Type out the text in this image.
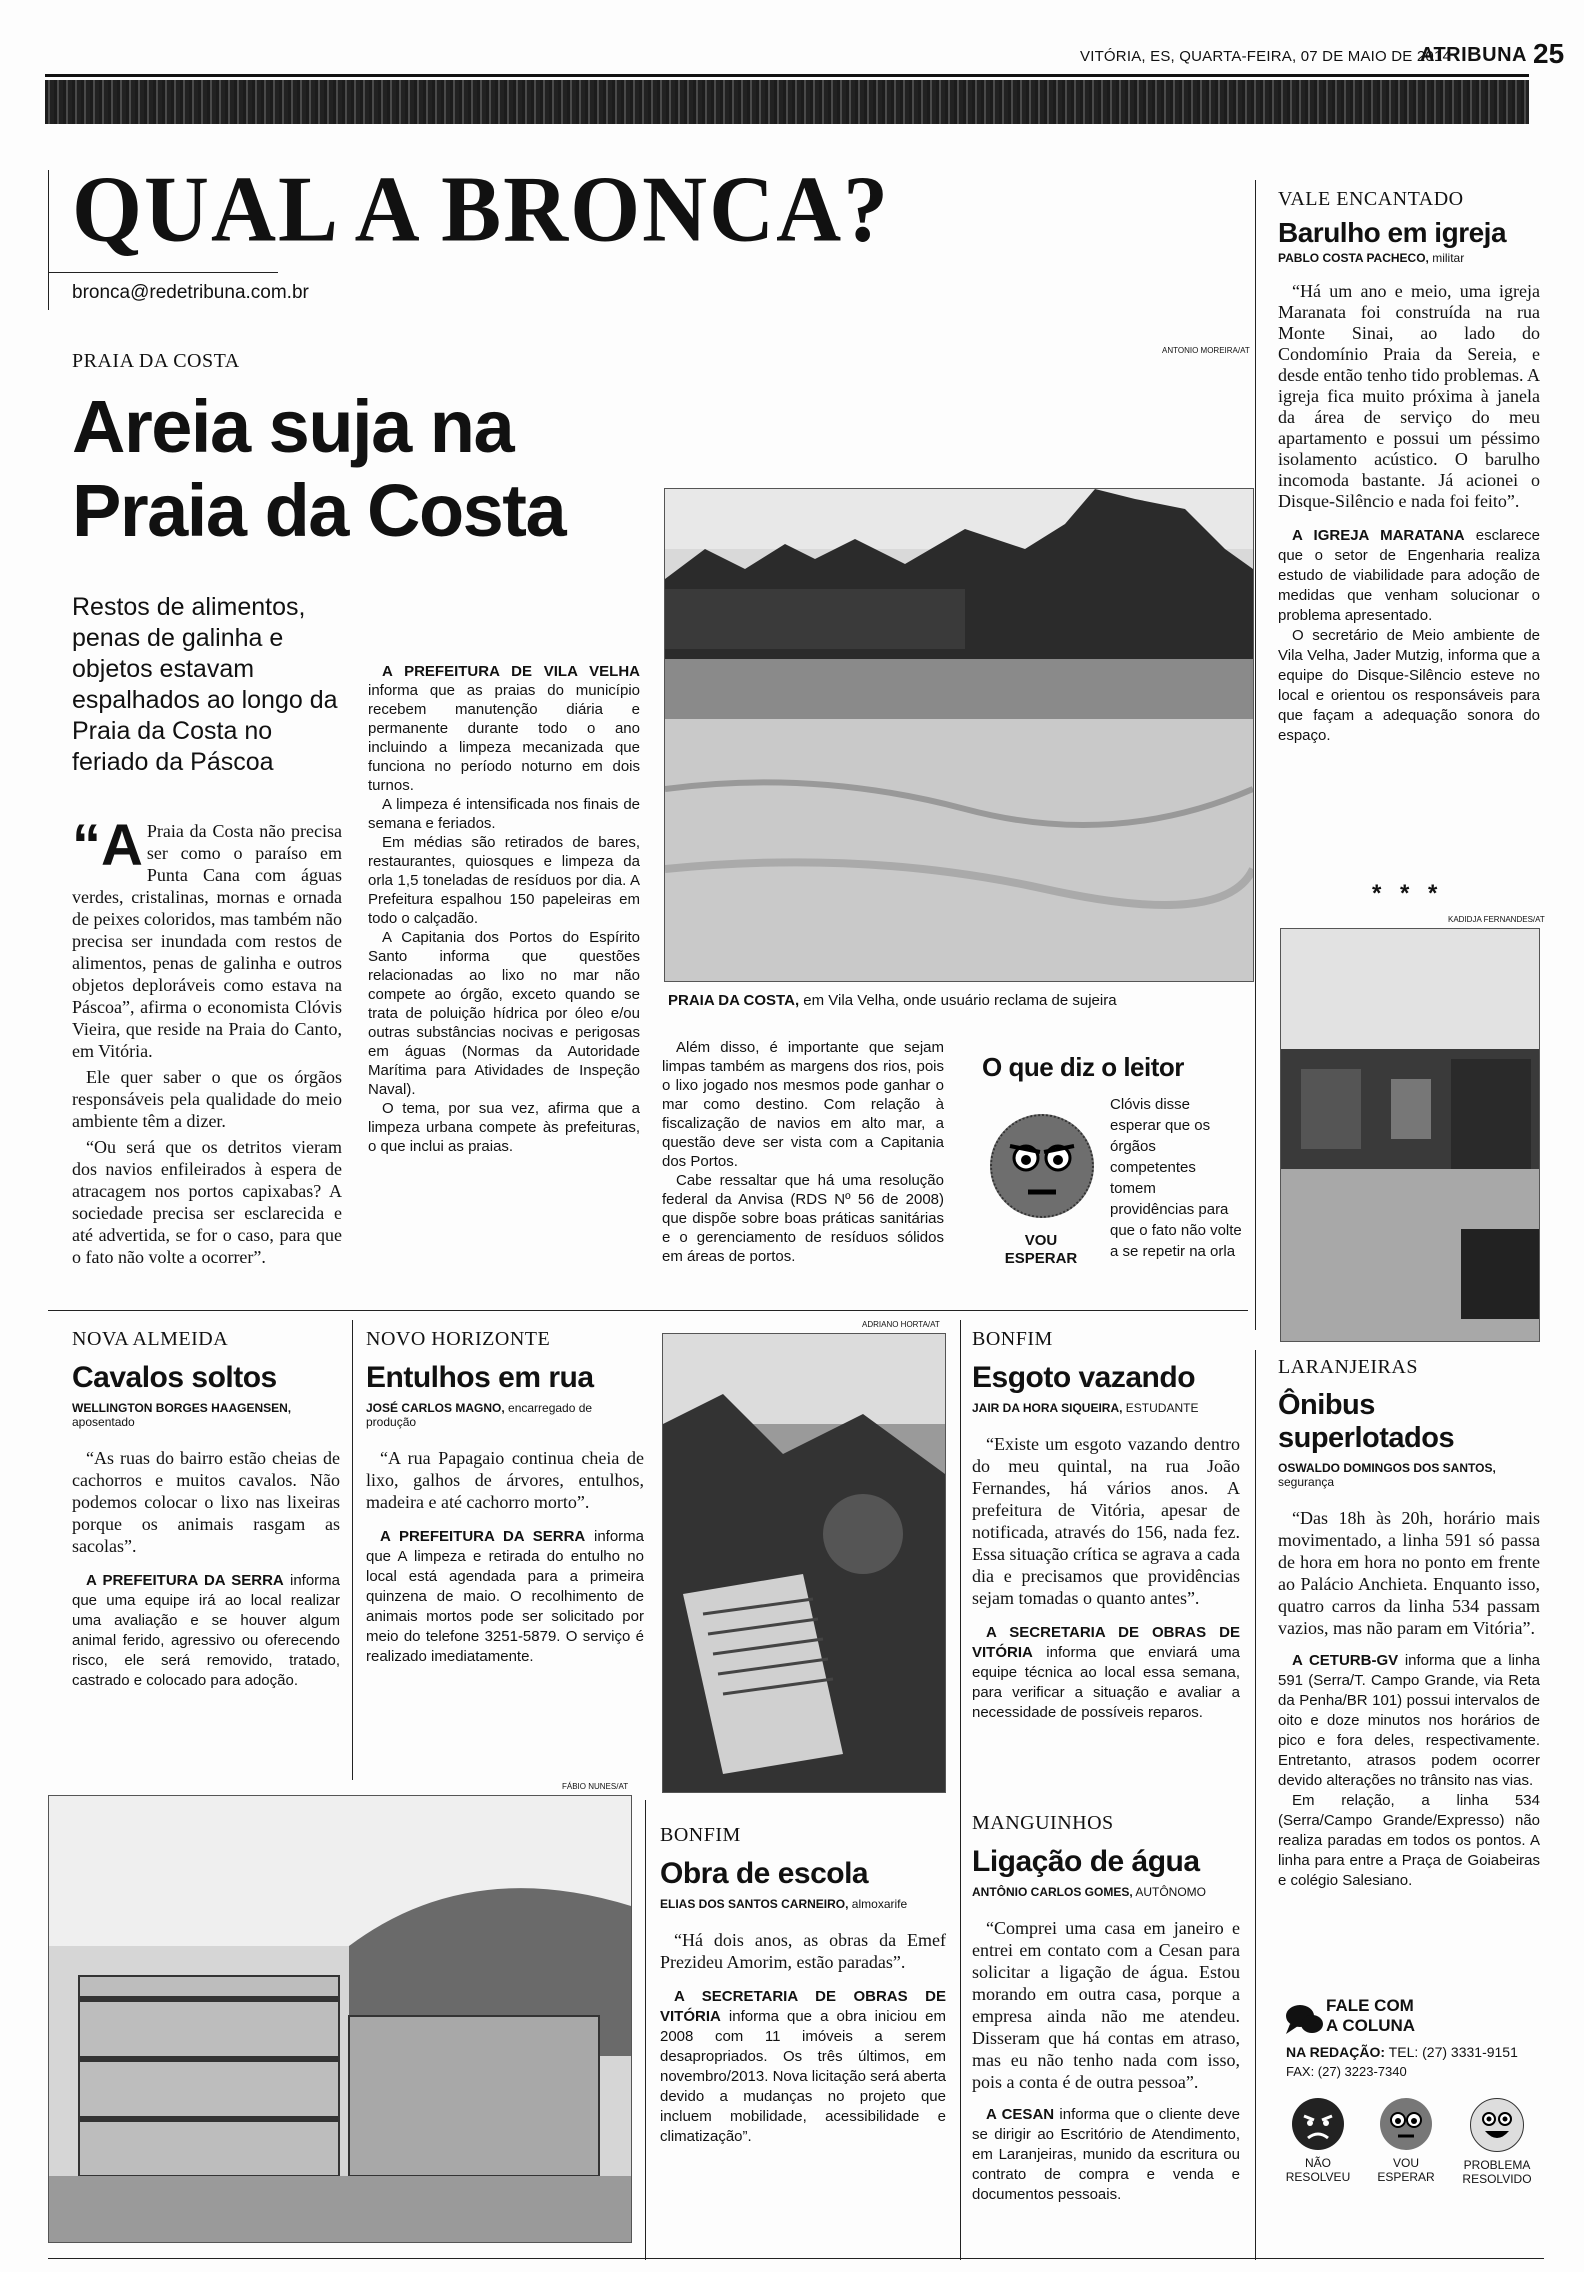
VITÓRIA, ES, QUARTA-FEIRA, 07 DE MAIO DE 2014
ATRIBUNA 25
QUAL A BRONCA?
bronca@redetribuna.com.br
PRAIA DA COSTA
Areia suja na
Praia da Costa
Restos de alimentos, penas de galinha e objetos estavam espalhados ao longo da Praia da Costa no feriado da Páscoa

“A Praia da Costa não precisa ser como o paraíso em Punta Cana com águas verdes, cristalinas, mornas e ornada de peixes coloridos, mas também não precisa ser inundada com restos de alimentos, penas de galinha e outros objetos deploráveis como estava na Páscoa”, afirma o economista Clóvis Vieira, que reside na Praia do Canto, em Vitória.

Ele quer saber o que os órgãos responsáveis pela qualidade do meio ambiente têm a dizer.

“Ou será que os detritos vieram dos navios enfileirados à espera de atracagem nos portos capixabas? A sociedade precisa ser esclarecida e até advertida, se for o caso, para que o fato não volte a ocorrer”.

A PREFEITURA DE VILA VELHA informa que as praias do município recebem manutenção diária e permanente durante todo o ano incluindo a limpeza mecanizada que funciona no período noturno em dois turnos.

A limpeza é intensificada nos finais de semana e feriados.

Em médias são retirados de bares, restaurantes, quiosques e limpeza da orla 1,5 toneladas de resíduos por dia. A Prefeitura espalhou 150 papeleiras em todo o calçadão.

A Capitania dos Portos do Espírito Santo informa que questões relacionadas ao lixo no mar não compete ao órgão, exceto quando se trata de poluição hídrica por óleo e/ou outras substâncias nocivas e perigosas em águas (Normas da Autoridade Marítima para Atividades de Inspeção Naval).

O tema, por sua vez, afirma que a limpeza urbana compete às prefeituras, o que inclui as praias.

Além disso, é importante que sejam limpas também as margens dos rios, pois o lixo jogado nos mesmos pode ganhar o mar como destino. Com relação à fiscalização de navios em alto mar, a questão deve ser vista com a Capitania dos Portos.

Cabe ressaltar que há uma resolução federal da Anvisa (RDS Nº 56 de 2008) que dispõe sobre boas práticas sanitárias e o gerenciamento de resíduos sólidos em áreas de portos.

ANTONIO MOREIRA/AT
PRAIA DA COSTA, em Vila Velha, onde usuário reclama de sujeira
O que diz o leitor
VOU ESPERAR
Clóvis disse esperar que os órgãos competentes tomem providências para que o fato não volte a se repetir na orla
VALE ENCANTADO
Barulho em igreja
PABLO COSTA PACHECO, militar

“Há um ano e meio, uma igreja Maranata foi construída na rua Monte Sinai, ao lado do Condomínio Praia da Sereia, e desde então tenho tido problemas. A igreja fica muito próxima à janela da área de serviço do meu apartamento e possui um péssimo isolamento acústico. O barulho incomoda bastante. Já acionei o Disque-Silêncio e nada foi feito”.

A IGREJA MARATANA esclarece que o setor de Engenharia realiza estudo de viabilidade para adoção de medidas que venham solucionar o problema apresentado.

O secretário de Meio ambiente de Vila Velha, Jader Mutzig, informa que a equipe do Disque-Silêncio esteve no local e orientou os responsáveis para que façam a adequação sonora do espaço.

* * *
KADIDJA FERNANDES/AT
NOVA ALMEIDA
Cavalos soltos
WELLINGTON BORGES HAAGENSEN, aposentado

“As ruas do bairro estão cheias de cachorros e muitos cavalos. Não podemos colocar o lixo nas lixeiras porque os animais rasgam as sacolas”.

A PREFEITURA DA SERRA informa que uma equipe irá ao local realizar uma avaliação e se houver algum animal ferido, agressivo ou oferecendo risco, ele será removido, tratado, castrado e colocado para adoção.

NOVO HORIZONTE
Entulhos em rua
JOSÉ CARLOS MAGNO, encarregado de produção

“A rua Papagaio continua cheia de lixo, galhos de árvores, entulhos, madeira e até cachorro morto”.

A PREFEITURA DA SERRA informa que A limpeza e retirada do entulho no local está agendada para a primeira quinzena de maio. O recolhimento de animais mortos pode ser solicitado por meio do telefone 3251-5879. O serviço é realizado imediatamente.

ADRIANO HORTA/AT
BONFIM
Esgoto vazando
JAIR DA HORA SIQUEIRA, ESTUDANTE

“Existe um esgoto vazando dentro do meu quintal, na rua João Fernandes, há vários anos. A prefeitura de Vitória, apesar de notificada, através do 156, nada fez. Essa situação crítica se agrava a cada dia e precisamos que providências sejam tomadas o quanto antes”.

A SECRETARIA DE OBRAS DE VITÓRIA informa que enviará uma equipe técnica ao local essa semana, para verificar a situação e avaliar a necessidade de possíveis reparos.

LARANJEIRAS
Ônibus superlotados
OSWALDO DOMINGOS DOS SANTOS, segurança

“Das 18h às 20h, horário mais movimentado, a linha 591 só passa de hora em hora no ponto em frente ao Palácio Anchieta. Enquanto isso, quatro carros da linha 534 passam vazios, mas não param em Vitória”.

A CETURB-GV informa que a linha 591 (Serra/T. Campo Grande, via Reta da Penha/BR 101) possui intervalos de oito e doze minutos nos horários de pico e fora deles, respectivamente. Entretanto, atrasos podem ocorrer devido alterações no trânsito nas vias.

Em relação, a linha 534 (Serra/Campo Grande/Expresso) não realiza paradas em todos os pontos. A linha para entre a Praça de Goiabeiras e colégio Salesiano.

FÁBIO NUNES/AT
BONFIM
Obra de escola
ELIAS DOS SANTOS CARNEIRO, almoxarife

“Há dois anos, as obras da Emef Prezideu Amorim, estão paradas”.

A SECRETARIA DE OBRAS DE VITÓRIA informa que a obra iniciou em 2008 com 11 imóveis a serem desapropriados. Os três últimos, em novembro/2013. Nova licitação será aberta devido a mudanças no projeto que incluem mobilidade, acessibilidade e climatização”.

MANGUINHOS
Ligação de água
ANTÔNIO CARLOS GOMES, AUTÔNOMO

“Comprei uma casa em janeiro e entrei em contato com a Cesan para solicitar a ligação de água. Estou morando em outra casa, porque a empresa ainda não me atendeu. Disseram que há contas em atraso, mas eu não tenho nada com isso, pois a conta é de outra pessoa”.

A CESAN informa que o cliente deve se dirigir ao Escritório de Atendimento, em Laranjeiras, munido da escritura ou contrato de compra e venda e documentos pessoais.

FALE COM
A COLUNA
NA REDAÇÃO: TEL: (27) 3331-9151
FAX: (27) 3223-7340
NÃO
RESOLVEU
VOU
ESPERAR
PROBLEMA
RESOLVIDO
